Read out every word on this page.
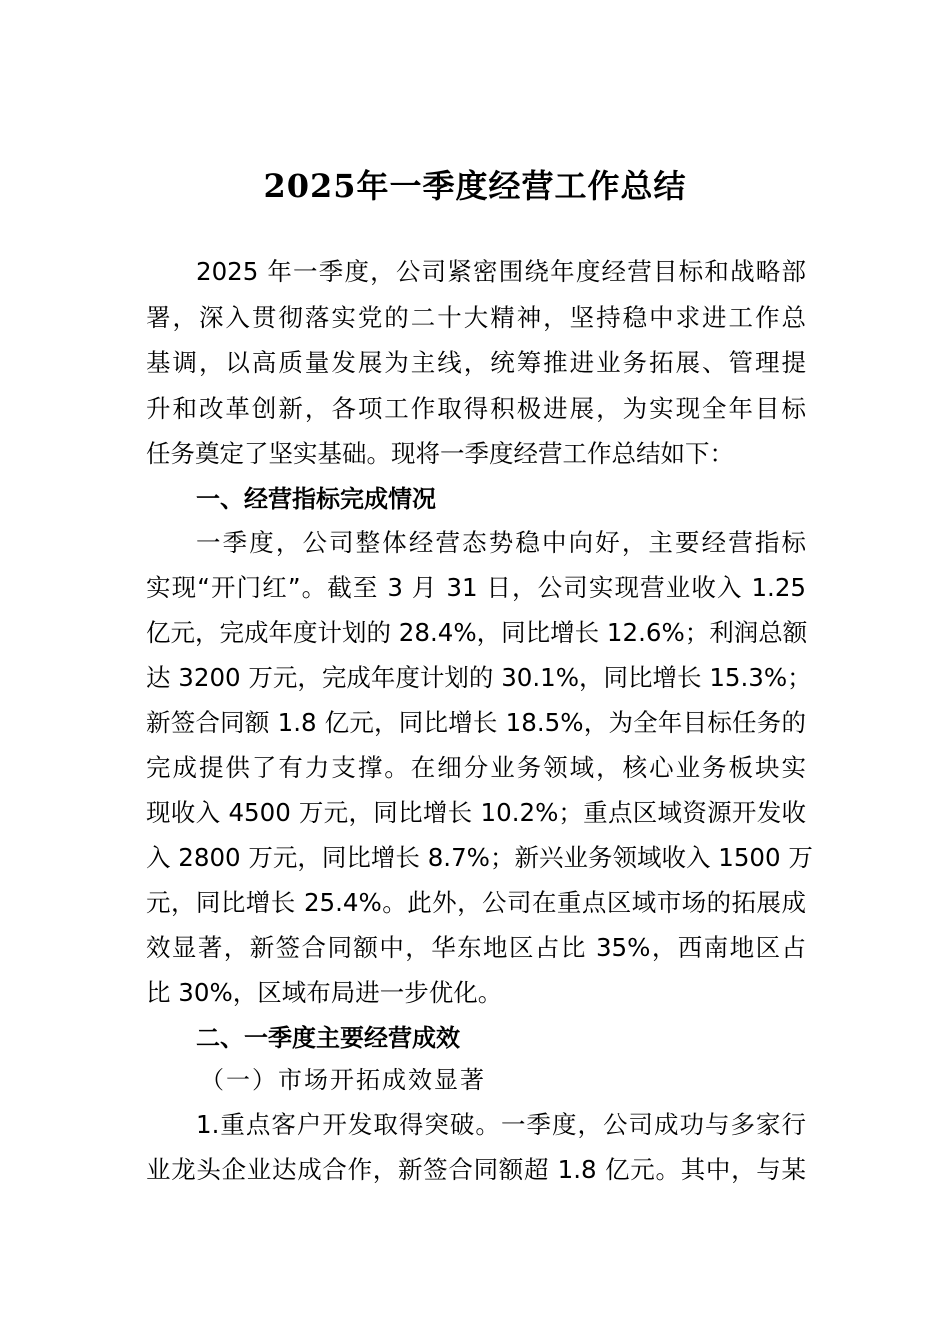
2025年一季度经营工作总结
2025 年一季度，公司紧密围绕年度经营目标和战略部
署，深入贯彻落实党的二十大精神，坚持稳中求进工作总
基调，以高质量发展为主线，统筹推进业务拓展、管理提
升和改革创新，各项工作取得积极进展，为实现全年目标
任务奠定了坚实基础。现将一季度经营工作总结如下：
一、经营指标完成情况
一季度，公司整体经营态势稳中向好，主要经营指标
实现“开门红”。截至 3 月 31 日，公司实现营业收入 1.25
亿元，完成年度计划的 28.4%，同比增长 12.6%；利润总额
达 3200 万元，完成年度计划的 30.1%，同比增长 15.3%；
新签合同额 1.8 亿元，同比增长 18.5%，为全年目标任务的
完成提供了有力支撑。在细分业务领域，核心业务板块实
现收入 4500 万元，同比增长 10.2%；重点区域资源开发收
入 2800 万元，同比增长 8.7%；新兴业务领域收入 1500 万
元，同比增长 25.4%。此外，公司在重点区域市场的拓展成
效显著，新签合同额中，华东地区占比 35%，西南地区占
比 30%，区域布局进一步优化。
二、一季度主要经营成效
（一）市场开拓成效显著
1.重点客户开发取得突破。一季度，公司成功与多家行
业龙头企业达成合作，新签合同额超 1.8 亿元。其中，与某
